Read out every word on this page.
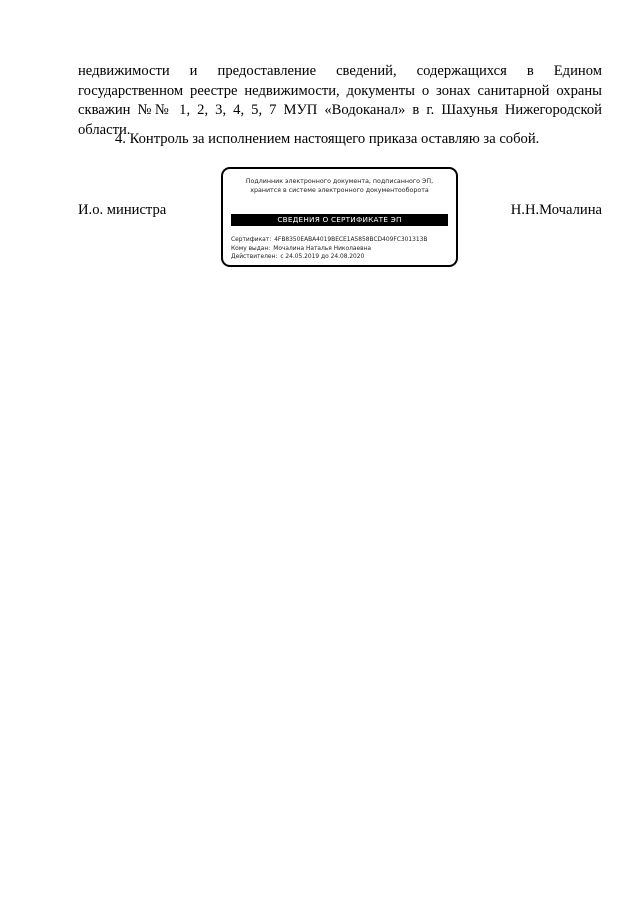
недвижимости и предоставление сведений, содержащихся в Едином
государственном реестре недвижимости, документы о зонах санитарной охраны
скважин №№ 1, 2, 3, 4, 5, 7 МУП «Водоканал» в г. Шахунья Нижегородской
области.

4. Контроль за исполнением настоящего приказа оставляю за собой.

И.о. министра
Подлинник электронного документа, подписанного ЭП,
хранится в системе электронного документооборота
СВЕДЕНИЯ О СЕРТИФИКАТЕ ЭП
Сертификат: 4FB8350EABA4019BECE1A5858BCD409FC301313B
Кому выдан: Мочалина Наталья Николаевна
Действителен: с 24.05.2019 до 24.08.2020
Н.Н.Мочалина
